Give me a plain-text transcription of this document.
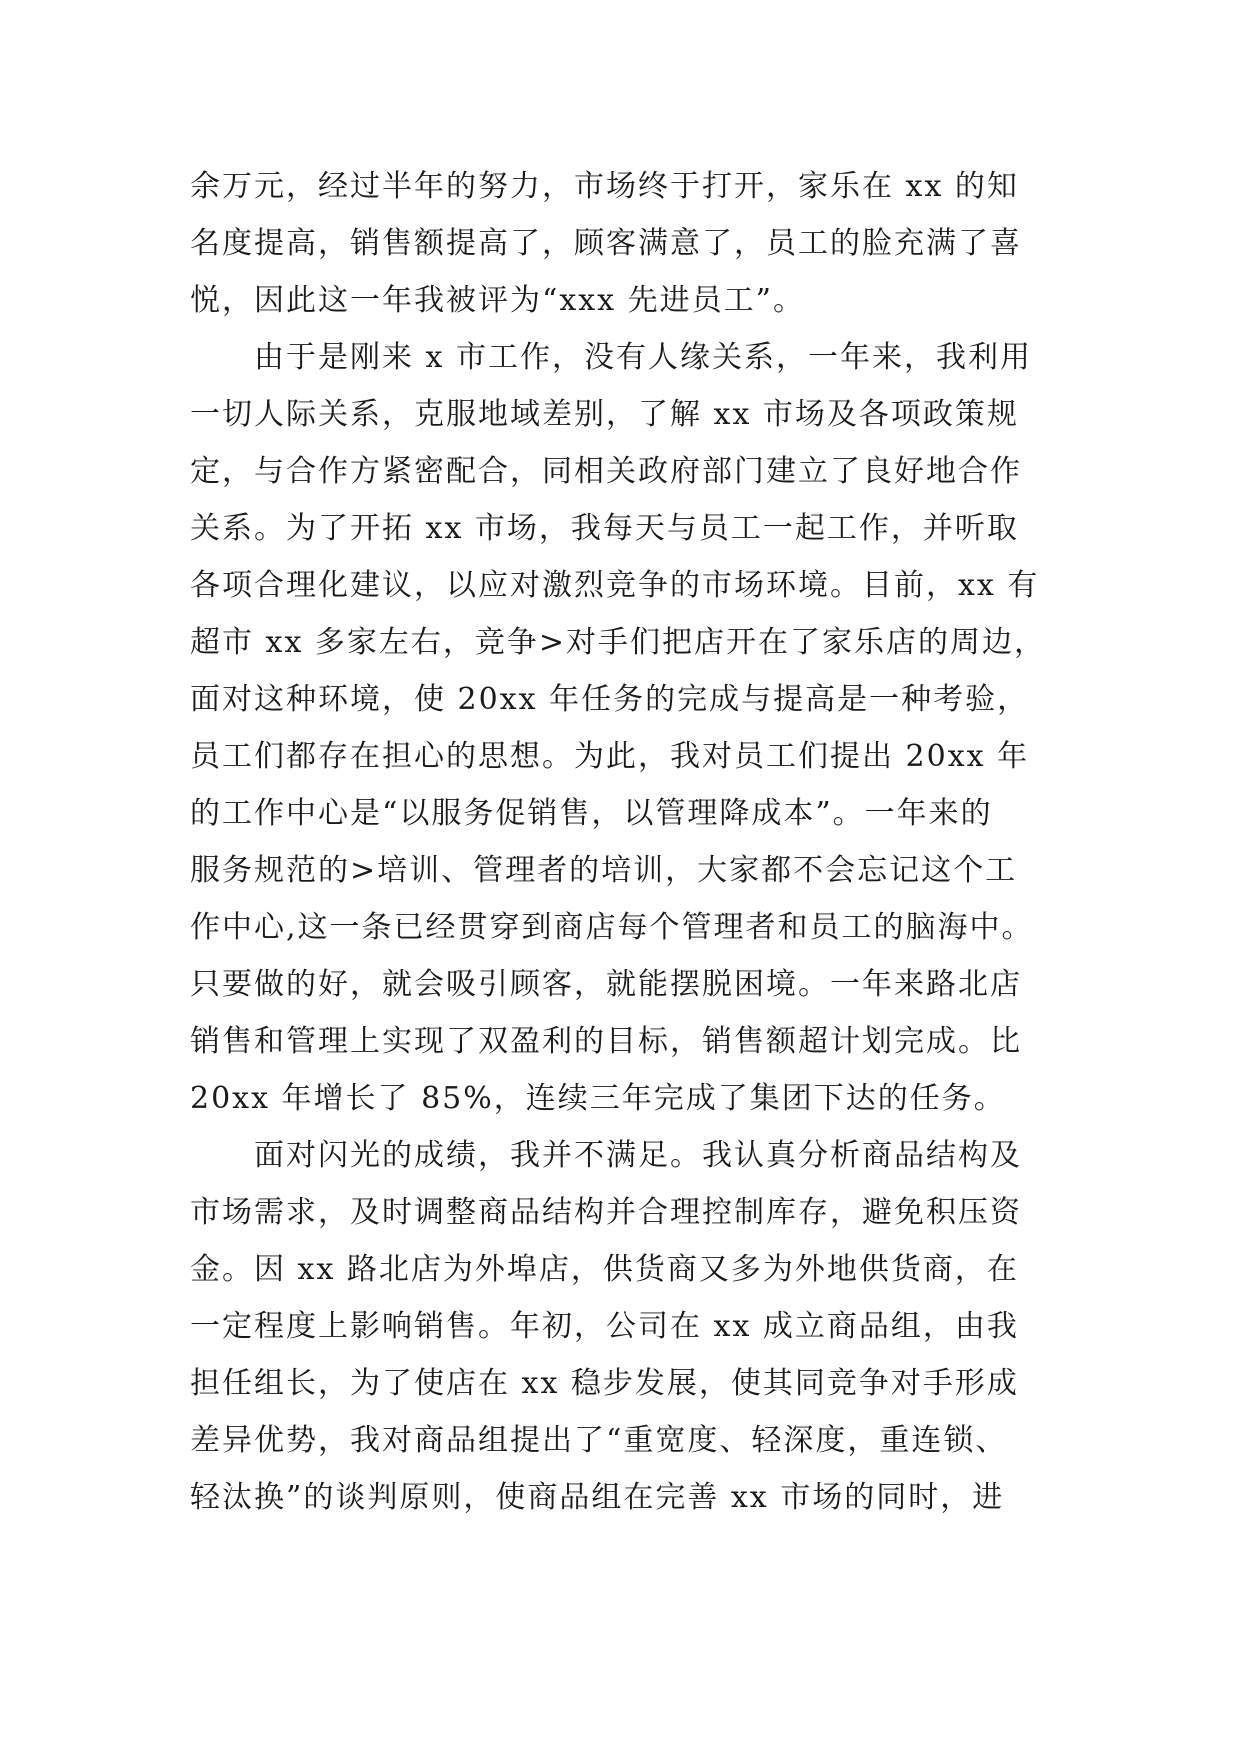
余万元，经过半年的努力，市场终于打开，家乐在 xx 的知
名度提高，销售额提高了，顾客满意了，员工的脸充满了喜
悦，因此这一年我被评为“xxx 先进员工”。
由于是刚来 x 市工作，没有人缘关系，一年来，我利用
一切人际关系，克服地域差别，了解 xx 市场及各项政策规
定，与合作方紧密配合，同相关政府部门建立了良好地合作
关系。为了开拓 xx 市场，我每天与员工一起工作，并听取
各项合理化建议，以应对激烈竞争的市场环境。目前，xx 有
超市 xx 多家左右，竞争>对手们把店开在了家乐店的周边，
面对这种环境，使 20xx 年任务的完成与提高是一种考验，
员工们都存在担心的思想。为此，我对员工们提出 20xx 年
的工作中心是“以服务促销售，以管理降成本”。一年来的
服务规范的>培训、管理者的培训，大家都不会忘记这个工
作中心,这一条已经贯穿到商店每个管理者和员工的脑海中。
只要做的好，就会吸引顾客，就能摆脱困境。一年来路北店
销售和管理上实现了双盈利的目标，销售额超计划完成。比
20xx 年增长了 85%，连续三年完成了集团下达的任务。
面对闪光的成绩，我并不满足。我认真分析商品结构及
市场需求，及时调整商品结构并合理控制库存，避免积压资
金。因 xx 路北店为外埠店，供货商又多为外地供货商，在
一定程度上影响销售。年初，公司在 xx 成立商品组，由我
担任组长，为了使店在 xx 稳步发展，使其同竞争对手形成
差异优势，我对商品组提出了“重宽度、轻深度，重连锁、
轻汰换”的谈判原则，使商品组在完善 xx 市场的同时，进
